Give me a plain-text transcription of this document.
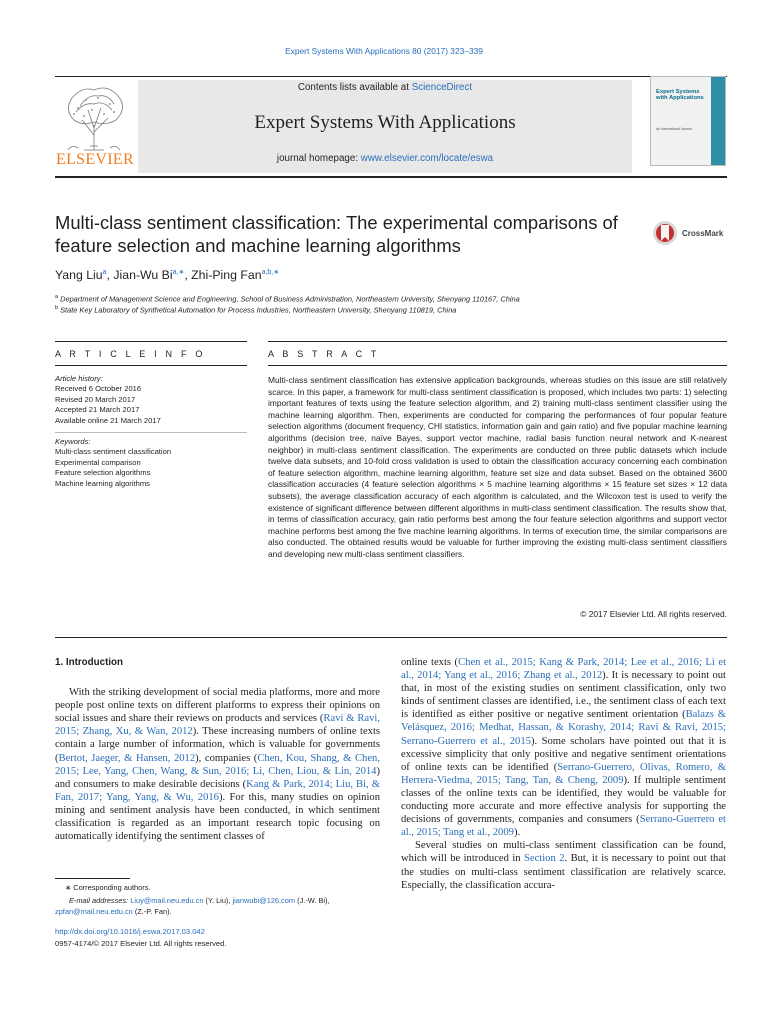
Expert Systems With Applications 80 (2017) 323–339
ELSEVIER
Contents lists available at ScienceDirect
Expert Systems With Applications
journal homepage: www.elsevier.com/locate/eswa
Expert Systems with Applications
An International Journal
Multi-class sentiment classification: The experimental comparisons of feature selection and machine learning algorithms
CrossMark
Yang Liu$^a$, Jian-Wu $Bi^{a,∗}$, Zhi-Ping Fan$^{a,b,∗}$
$^a$ Department of Management Science and Engineering, School of Business Administration, Northeastern University, Shenyang 110167, China
$^b$ State Key Laboratory of Synthetical Automation for Process Industries, Northeastern University, Shenyang 110819, China
A R T I C L E I N F O	A B S T R A C T
Article history:
Received 6 October 2016
Revised 20 March 2017
Accepted 21 March 2017
Available online 21 March 2017
Keywords:
Multi-class sentiment classification
Experimental comparison
Feature selection algorithms
Machine learning algorithms
Multi-class sentiment classification has extensive application backgrounds, whereas studies on this issue are still relatively scarce. In this paper, a framework for multi-class sentiment classification is proposed, which includes two parts: 1) selecting important features of texts using the feature selection algorithm, and 2) training multi-class sentiment classifier using the machine learning algorithm. Then, experiments are conducted for comparing the performances of four popular feature selection algorithms (document frequency, CHI statistics, information gain and gain ratio) and five popular machine learning algorithms (decision tree, naïve Bayes, support vector machine, radial basis function neural network and K-nearest neighbor) in multi-class sentiment classification. The experiments are conducted on three public datasets which include twelve data subsets, and 10-fold cross validation is used to obtain the classification accuracy concerning each combination of feature selection algorithm, machine learning algorithm, feature set size and data subset. Based on the obtained 3600 classification accuracies (4 feature selection algorithms × 5 machine learning algorithms × 15 feature set sizes × 12 data subsets), the average classification accuracy of each algorithm is calculated, and the Wilcoxon test is used to verify the existence of significant difference between different algorithms in multi-class sentiment classification. The results show that, in terms of classification accuracy, gain ratio performs best among the four feature selection algorithms and support vector machine performs best among the five machine learning algorithms. In terms of execution time, the similar comparisons are also conducted. The obtained results would be valuable for further improving the existing multi-class sentiment classifiers and developing new multi-class sentiment classifiers.
© 2017 Elsevier Ltd. All rights reserved.
1. Introduction

With the striking development of social media platforms, more and more people post online texts on different platforms to express their opinions on social issues and share their reviews on products and services (Ravi & Ravi, 2015; Zhang, Xu, & Wan, 2012). These increasing numbers of online texts contain a large number of information, which is valuable for governments (Bertot, Jaeger, & Hansen, 2012), companies (Chen, Kou, Shang, & Chen, 2015; Lee, Yang, Chen, Wang, & Sun, 2016; Li, Chen, Liou, & Lin, 2014) and consumers to make desirable decisions (Kang & Park, 2014; Liu, Bi, & Fan, 2017; Yang, Yang, & Wu, 2016). For this, many studies on opinion mining and sentiment analysis have been conducted, in which sentiment classification is regarded as an important research topic focusing on automatically identifying the sentiment classes of

online texts (Chen et al., 2015; Kang & Park, 2014; Lee et al., 2016; Li et al., 2014; Yang et al., 2016; Zhang et al., 2012). It is necessary to point out that, in most of the existing studies on sentiment classification, only two kinds of sentiment classes are identified, i.e., the sentiment class of each text is identified as either positive or negative sentiment orientation (Balazs & Velásquez, 2016; Medhat, Hassan, & Korashy, 2014; Ravi & Ravi, 2015; Serrano-Guerrero et al., 2015). Some scholars have pointed out that it is excessive simplicity that only positive and negative sentiment orientations of online texts can be identified (Serrano-Guerrero, Olivas, Romero, & Herrera-Viedma, 2015; Tang, Tan, & Cheng, 2009). If multiple sentiment classes of the online texts can be identified, they would be valuable for conducting more accurate and more effective analysis for supporting the decisions of governments, companies and consumers (Serrano-Guerrero et al., 2015; Tang et al., 2009).

Several studies on multi-class sentiment classification can be found, which will be introduced in Section 2. But, it is necessary to point out that the studies on multi-class sentiment classification are relatively scarce. Especially, the classification accura-

∗ Corresponding authors.
E-mail addresses: Liuy@mail.neu.edu.cn (Y. Liu), jianwubi@126.com (J.-W. Bi),
zpfan@mail.neu.edu.cn (Z.-P. Fan).
http://dx.doi.org/10.1016/j.eswa.2017.03.042
0957-4174/© 2017 Elsevier Ltd. All rights reserved.
